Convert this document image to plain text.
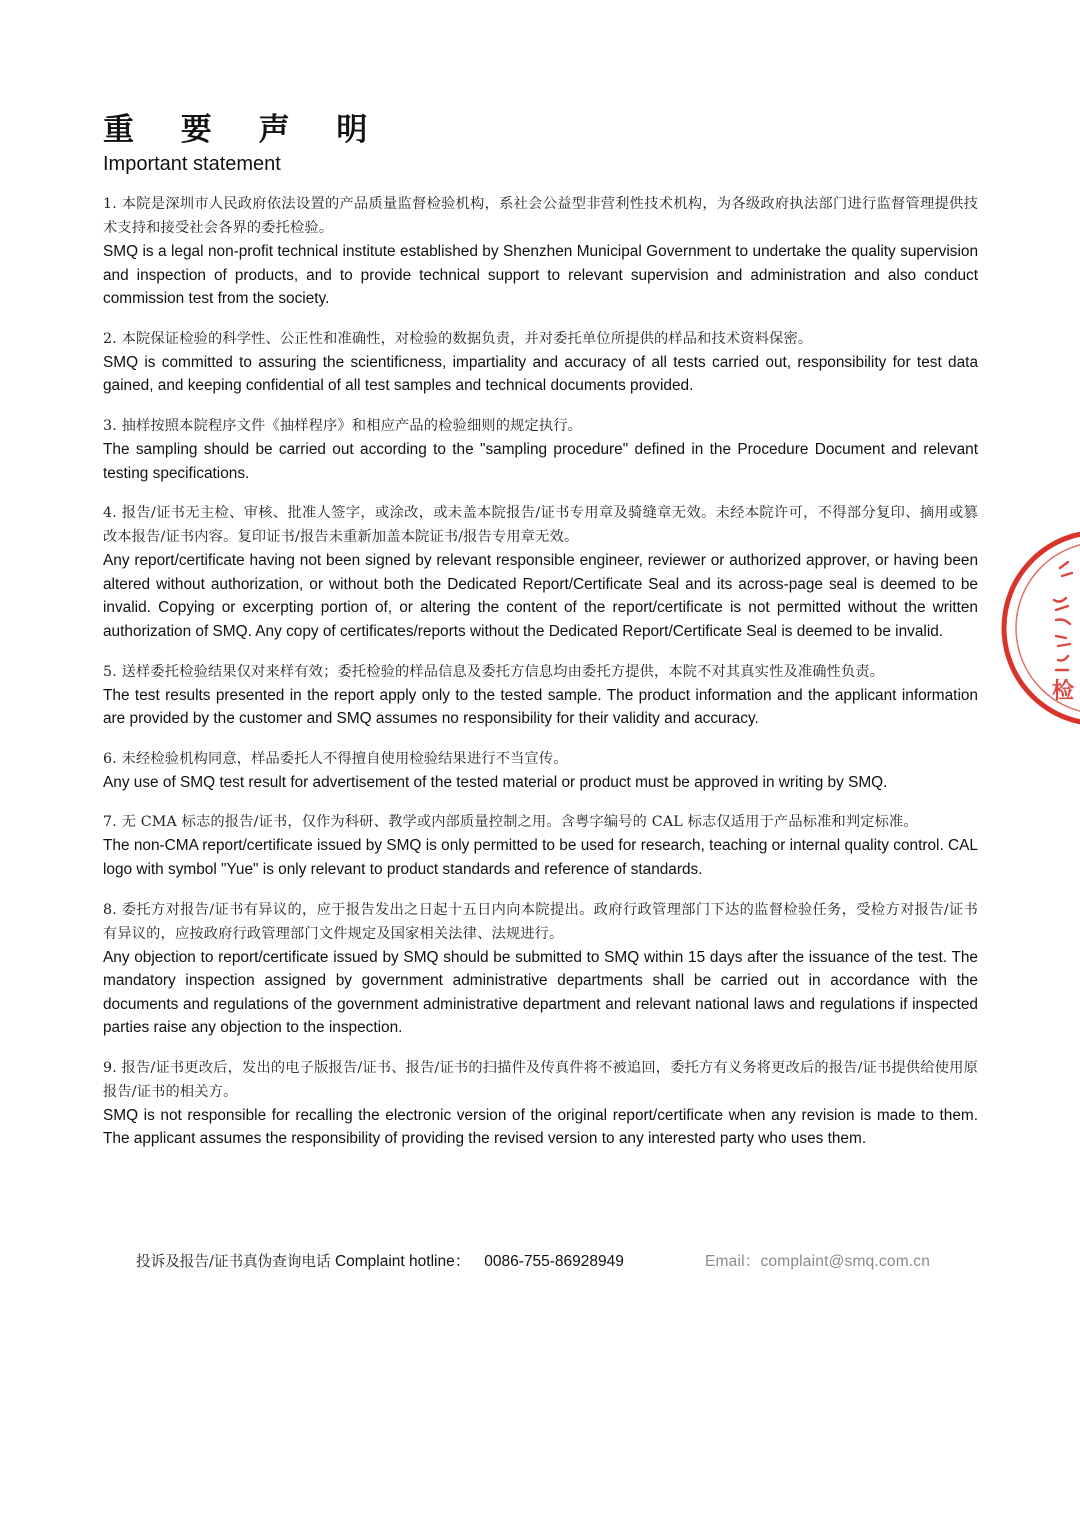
重 要 声 明
Important statement
1. 本院是深圳市人民政府依法设置的产品质量监督检验机构，系社会公益型非营利性技术机构，为各级政府执法部门进行监督管理提供技术支持和接受社会各界的委托检验。
SMQ is a legal non-profit technical institute established by Shenzhen Municipal Government to undertake the quality supervision and inspection of products, and to provide technical support to relevant supervision and administration and also conduct commission test from the society.
2. 本院保证检验的科学性、公正性和准确性，对检验的数据负责，并对委托单位所提供的样品和技术资料保密。
SMQ is committed to assuring the scientificness, impartiality and accuracy of all tests carried out, responsibility for test data gained, and keeping confidential of all test samples and technical documents provided.
3. 抽样按照本院程序文件《抽样程序》和相应产品的检验细则的规定执行。
The sampling should be carried out according to the "sampling procedure" defined in the Procedure Document and relevant testing specifications.
4. 报告/证书无主检、审核、批准人签字，或涂改，或未盖本院报告/证书专用章及骑缝章无效。未经本院许可，不得部分复印、摘用或篡改本报告/证书内容。复印证书/报告未重新加盖本院证书/报告专用章无效。
Any report/certificate having not been signed by relevant responsible engineer, reviewer or authorized approver, or having been altered without authorization, or without both the Dedicated Report/Certificate Seal and its across-page seal is deemed to be invalid. Copying or excerpting portion of, or altering the content of the report/certificate is not permitted without the written authorization of SMQ. Any copy of certificates/reports without the Dedicated Report/Certificate Seal is deemed to be invalid.
5. 送样委托检验结果仅对来样有效；委托检验的样品信息及委托方信息均由委托方提供，本院不对其真实性及准确性负责。
The test results presented in the report apply only to the tested sample. The product information and the applicant information are provided by the customer and SMQ assumes no responsibility for their validity and accuracy.
6. 未经检验机构同意，样品委托人不得擅自使用检验结果进行不当宣传。
Any use of SMQ test result for advertisement of the tested material or product must be approved in writing by SMQ.
7. 无 CMA 标志的报告/证书，仅作为科研、教学或内部质量控制之用。含粤字编号的 CAL 标志仅适用于产品标准和判定标准。
The non-CMA report/certificate issued by SMQ is only permitted to be used for research, teaching or internal quality control. CAL logo with symbol "Yue" is only relevant to product standards and reference of standards.
8. 委托方对报告/证书有异议的，应于报告发出之日起十五日内向本院提出。政府行政管理部门下达的监督检验任务，受检方对报告/证书有异议的，应按政府行政管理部门文件规定及国家相关法律、法规进行。
Any objection to report/certificate issued by SMQ should be submitted to SMQ within 15 days after the issuance of the test. The mandatory inspection assigned by government administrative departments shall be carried out in accordance with the documents and regulations of the government administrative department and relevant national laws and regulations if inspected parties raise any objection to the inspection.
9. 报告/证书更改后，发出的电子版报告/证书、报告/证书的扫描件及传真件将不被追回，委托方有义务将更改后的报告/证书提供给使用原报告/证书的相关方。
SMQ is not responsible for recalling the electronic version of the original report/certificate when any revision is made to them. The applicant assumes the responsibility of providing the revised version to any interested party who uses them.
投诉及报告/证书真伪查询电话 Complaint hotline： 0086-755-86928949	Email：complaint@smq.com.cn
检
